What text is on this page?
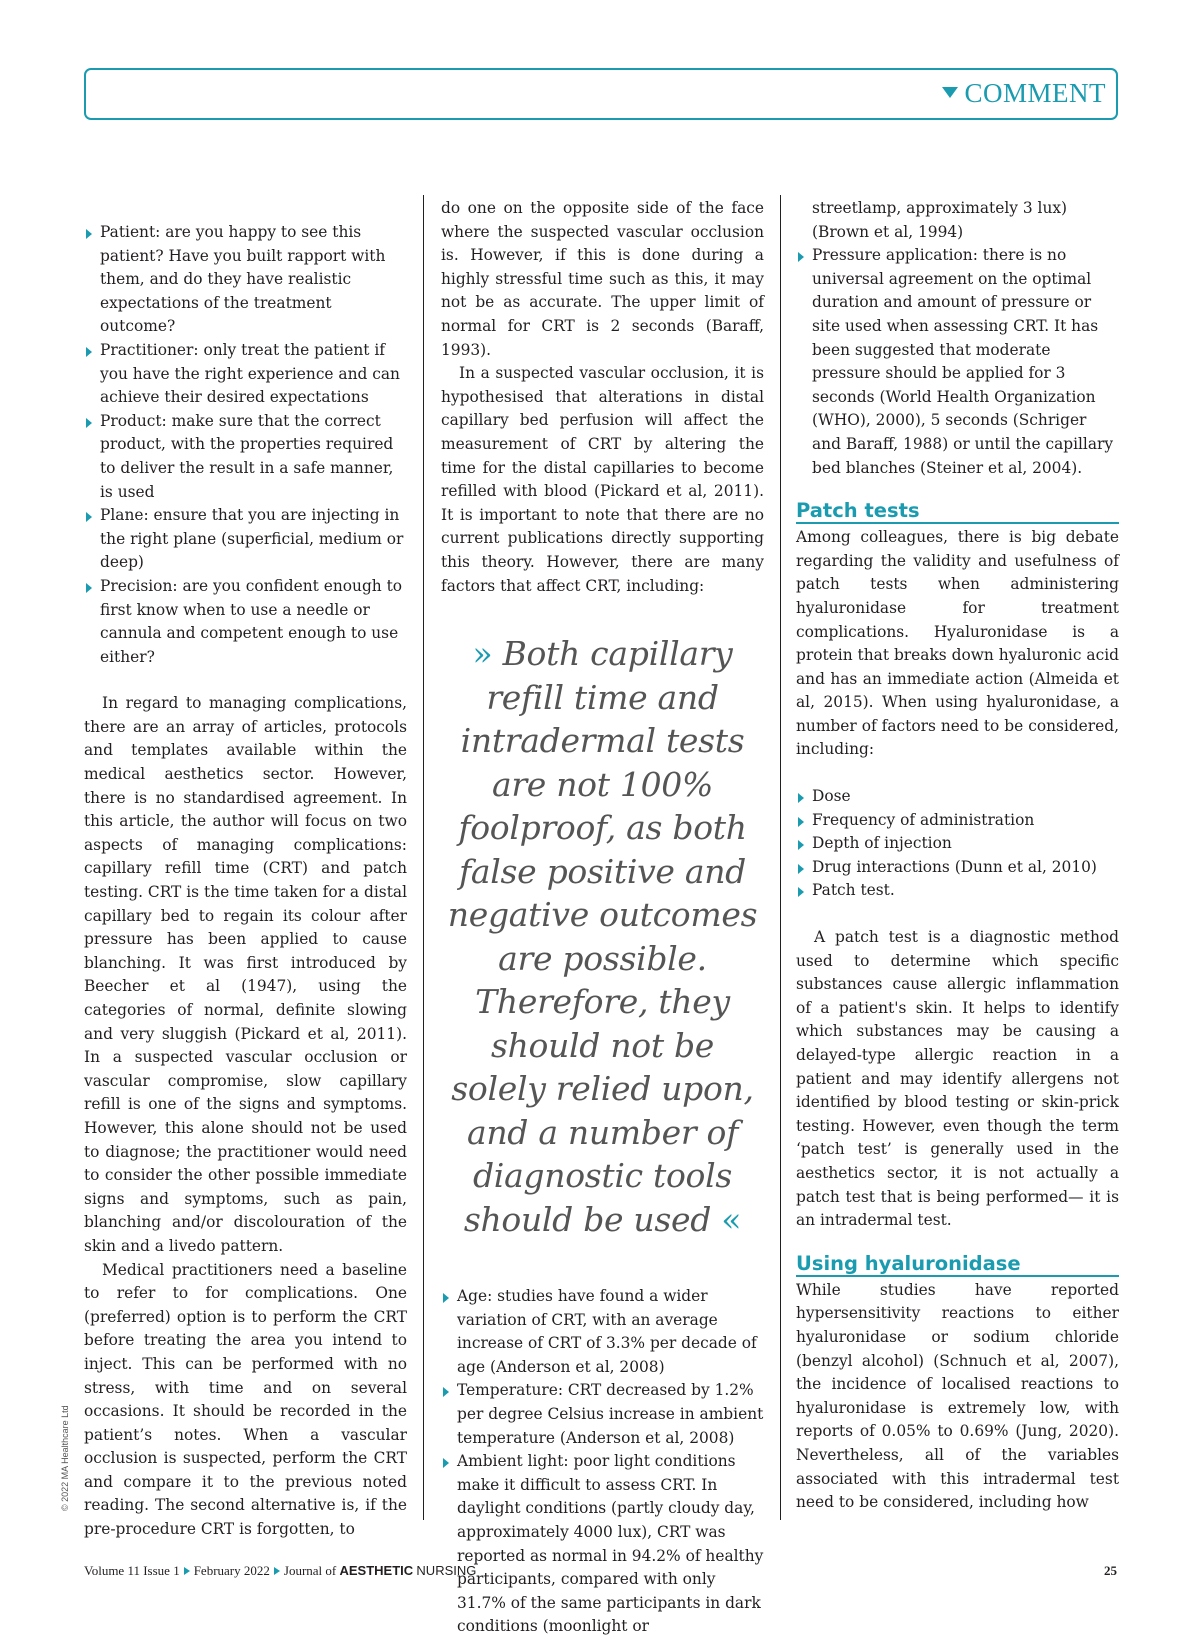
COMMENT
© 2022 MA Healthcare Ltd
Patient: are you happy to see this patient? Have you built rapport with them, and do they have realistic expectations of the treatment outcome?
Practitioner: only treat the patient if you have the right experience and can achieve their desired expectations
Product: make sure that the correct product, with the properties required to deliver the result in a safe manner, is used
Plane: ensure that you are injecting in the right plane (superficial, medium or deep)
Precision: are you confident enough to first know when to use a needle or cannula and competent enough to use either?

In regard to managing complications, there are an array of articles, protocols and templates available within the medical aesthetics sector. However, there is no standardised agreement. In this article, the author will focus on two aspects of managing complications: capillary refill time (CRT) and patch testing. CRT is the time taken for a distal capillary bed to regain its colour after pressure has been applied to cause blanching. It was first introduced by Beecher et al (1947), using the categories of normal, definite slowing and very sluggish (Pickard et al, 2011). In a suspected vascular occlusion or vascular compromise, slow capillary refill is one of the signs and symptoms. However, this alone should not be used to diagnose; the practitioner would need to consider the other possible immediate signs and symptoms, such as pain, blanching and/or discolouration of the skin and a livedo pattern.

Medical practitioners need a baseline to refer to for complications. One (preferred) option is to perform the CRT before treating the area you intend to inject. This can be performed with no stress, with time and on several occasions. It should be recorded in the patient’s notes. When a vascular occlusion is suspected, perform the CRT and compare it to the previous noted reading. The second alternative is, if the pre-procedure CRT is forgotten, to

do one on the opposite side of the face where the suspected vascular occlusion is. However, if this is done during a highly stressful time such as this, it may not be as accurate. The upper limit of normal for CRT is 2 seconds (Baraff, 1993).

In a suspected vascular occlusion, it is hypothesised that alterations in distal capillary bed perfusion will affect the measurement of CRT by altering the time for the distal capillaries to become refilled with blood (Pickard et al, 2011). It is important to note that there are no current publications directly supporting this theory. However, there are many factors that affect CRT, including:

» Both capillary refill time and intradermal tests are not 100% foolproof, as both false positive and negative outcomes are possible. Therefore, they should not be solely relied upon, and a number of diagnostic tools should be used «
Age: studies have found a wider variation of CRT, with an average increase of CRT of 3.3% per decade of age (Anderson et al, 2008)
Temperature: CRT decreased by 1.2% per degree Celsius increase in ambient temperature (Anderson et al, 2008)
Ambient light: poor light conditions make it difficult to assess CRT. In daylight conditions (partly cloudy day, approximately 4000 lux), CRT was reported as normal in 94.2% of healthy participants, compared with only 31.7% of the same participants in dark conditions (moonlight or
streetlamp, approximately 3 lux) (Brown et al, 1994)
Pressure application: there is no universal agreement on the optimal duration and amount of pressure or site used when assessing CRT. It has been suggested that moderate pressure should be applied for 3 seconds (World Health Organization (WHO), 2000), 5 seconds (Schriger and Baraff, 1988) or until the capillary bed blanches (Steiner et al, 2004).
Patch tests

Among colleagues, there is big debate regarding the validity and usefulness of patch tests when administering hyaluronidase for treatment complications. Hyaluronidase is a protein that breaks down hyaluronic acid and has an immediate action (Almeida et al, 2015). When using hyaluronidase, a number of factors need to be considered, including:

Dose
Frequency of administration
Depth of injection
Drug interactions (Dunn et al, 2010)
Patch test.

A patch test is a diagnostic method used to determine which specific substances cause allergic inflammation of a patient's skin. It helps to identify which substances may be causing a delayed-type allergic reaction in a patient and may identify allergens not identified by blood testing or skin-prick testing. However, even though the term ‘patch test’ is generally used in the aesthetics sector, it is not actually a patch test that is being performed— it is an intradermal test.

Using hyaluronidase

While studies have reported hypersensitivity reactions to either hyaluronidase or sodium chloride (benzyl alcohol) (Schnuch et al, 2007), the incidence of localised reactions to hyaluronidase is extremely low, with reports of 0.05% to 0.69% (Jung, 2020). Nevertheless, all of the variables associated with this intradermal test need to be considered, including how

Volume 11 Issue 1 February 2022 Journal of AESTHETIC NURSING	25
